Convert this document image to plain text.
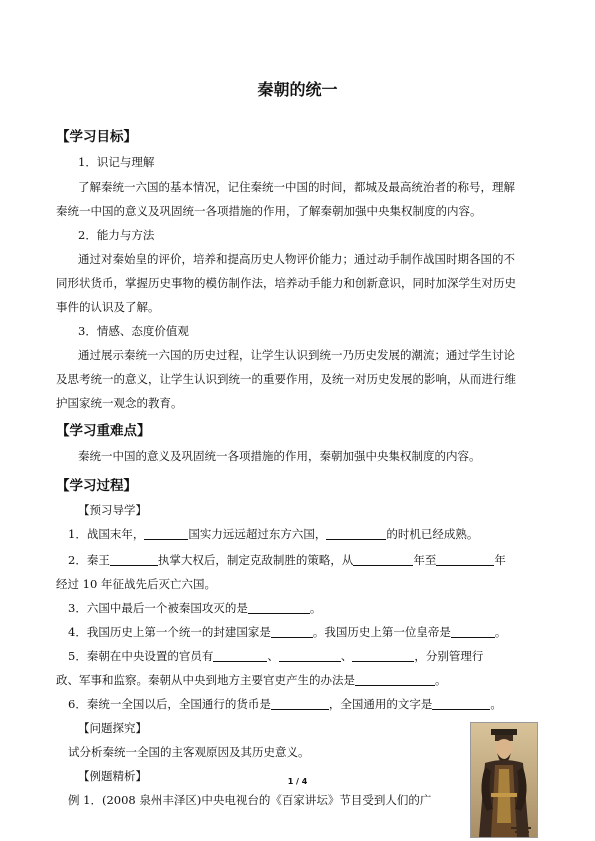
秦朝的统一
【学习目标】
1．识记与理解
了解秦统一六国的基本情况，记住秦统一中国的时间，都城及最高统治者的称号，理解
秦统一中国的意义及巩固统一各项措施的作用，了解秦朝加强中央集权制度的内容。
2．能力与方法
通过对秦始皇的评价，培养和提高历史人物评价能力；通过动手制作战国时期各国的不
同形状货币，掌握历史事物的模仿制作法，培养动手能力和创新意识，同时加深学生对历史
事件的认识及了解。
3．情感、态度价值观
通过展示秦统一六国的历史过程，让学生认识到统一乃历史发展的潮流；通过学生讨论
及思考统一的意义，让学生认识到统一的重要作用，及统一对历史发展的影响，从而进行维
护国家统一观念的教育。
【学习重难点】
秦统一中国的意义及巩固统一各项措施的作用，秦朝加强中央集权制度的内容。
【学习过程】
【预习导学】
1．战国末年，	国实力远远超过东方六国，	的时机已经成熟。
2．秦王	执掌大权后，制定克敌制胜的策略，从	年至	年
经过 10 年征战先后灭亡六国。
3．六国中最后一个被秦国攻灭的是	。
4．我国历史上第一个统一的封建国家是	。我国历史上第一位皇帝是	。
5．秦朝在中央设置的官员有	、	、	，分别管理行
政、军事和监察。秦朝从中央到地方主要官吏产生的办法是	。
6．秦统一全国以后，全国通行的货币是	，全国通用的文字是	。
【问题探究】
试分析秦统一全国的主客观原因及其历史意义。
【例题精析】
例 1．(2008 泉州丰泽区)中央电视台的《百家讲坛》节目受到人们的广
1 / 4
